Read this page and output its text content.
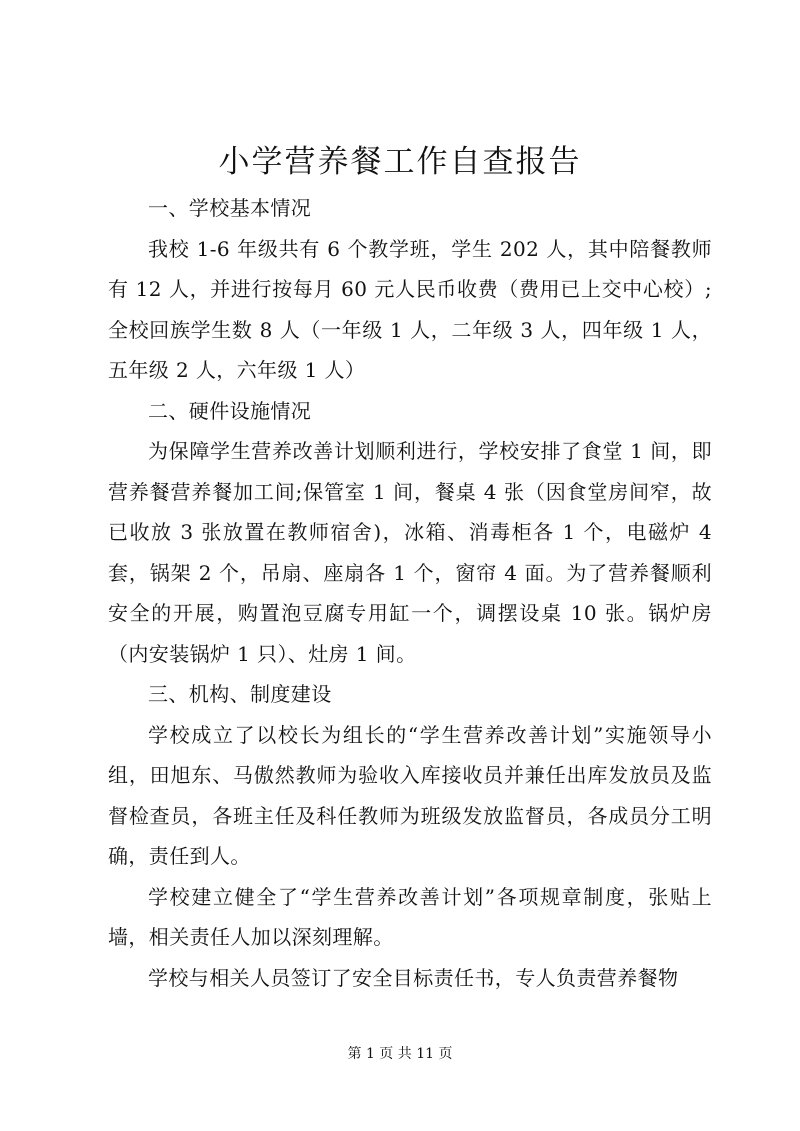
小学营养餐工作自查报告

一、学校基本情况

我校 1-6 年级共有 6 个教学班，学生 202 人，其中陪餐教师有 12 人，并进行按每月 60 元人民币收费（费用已上交中心校）;全校回族学生数 8 人（一年级 1 人，二年级 3 人，四年级 1 人，五年级 2 人，六年级 1 人）

二、硬件设施情况

为保障学生营养改善计划顺利进行，学校安排了食堂 1 间，即营养餐营养餐加工间;保管室 1 间，餐桌 4 张（因食堂房间窄，故已收放 3 张放置在教师宿舍)，冰箱、消毒柜各 1 个，电磁炉 4 套，锅架 2 个，吊扇、座扇各 1 个，窗帘 4 面。为了营养餐顺利安全的开展，购置泡豆腐专用缸一个，调摆设桌 10 张。锅炉房（内安装锅炉 1 只）、灶房 1 间。

三、机构、制度建设

学校成立了以校长为组长的“学生营养改善计划”实施领导小组，田旭东、马傲然教师为验收入库接收员并兼任出库发放员及监督检查员，各班主任及科任教师为班级发放监督员，各成员分工明确，责任到人。

学校建立健全了“学生营养改善计划”各项规章制度，张贴上墙，相关责任人加以深刻理解。

学校与相关人员签订了安全目标责任书，专人负责营养餐物

第 1 页 共 11 页
